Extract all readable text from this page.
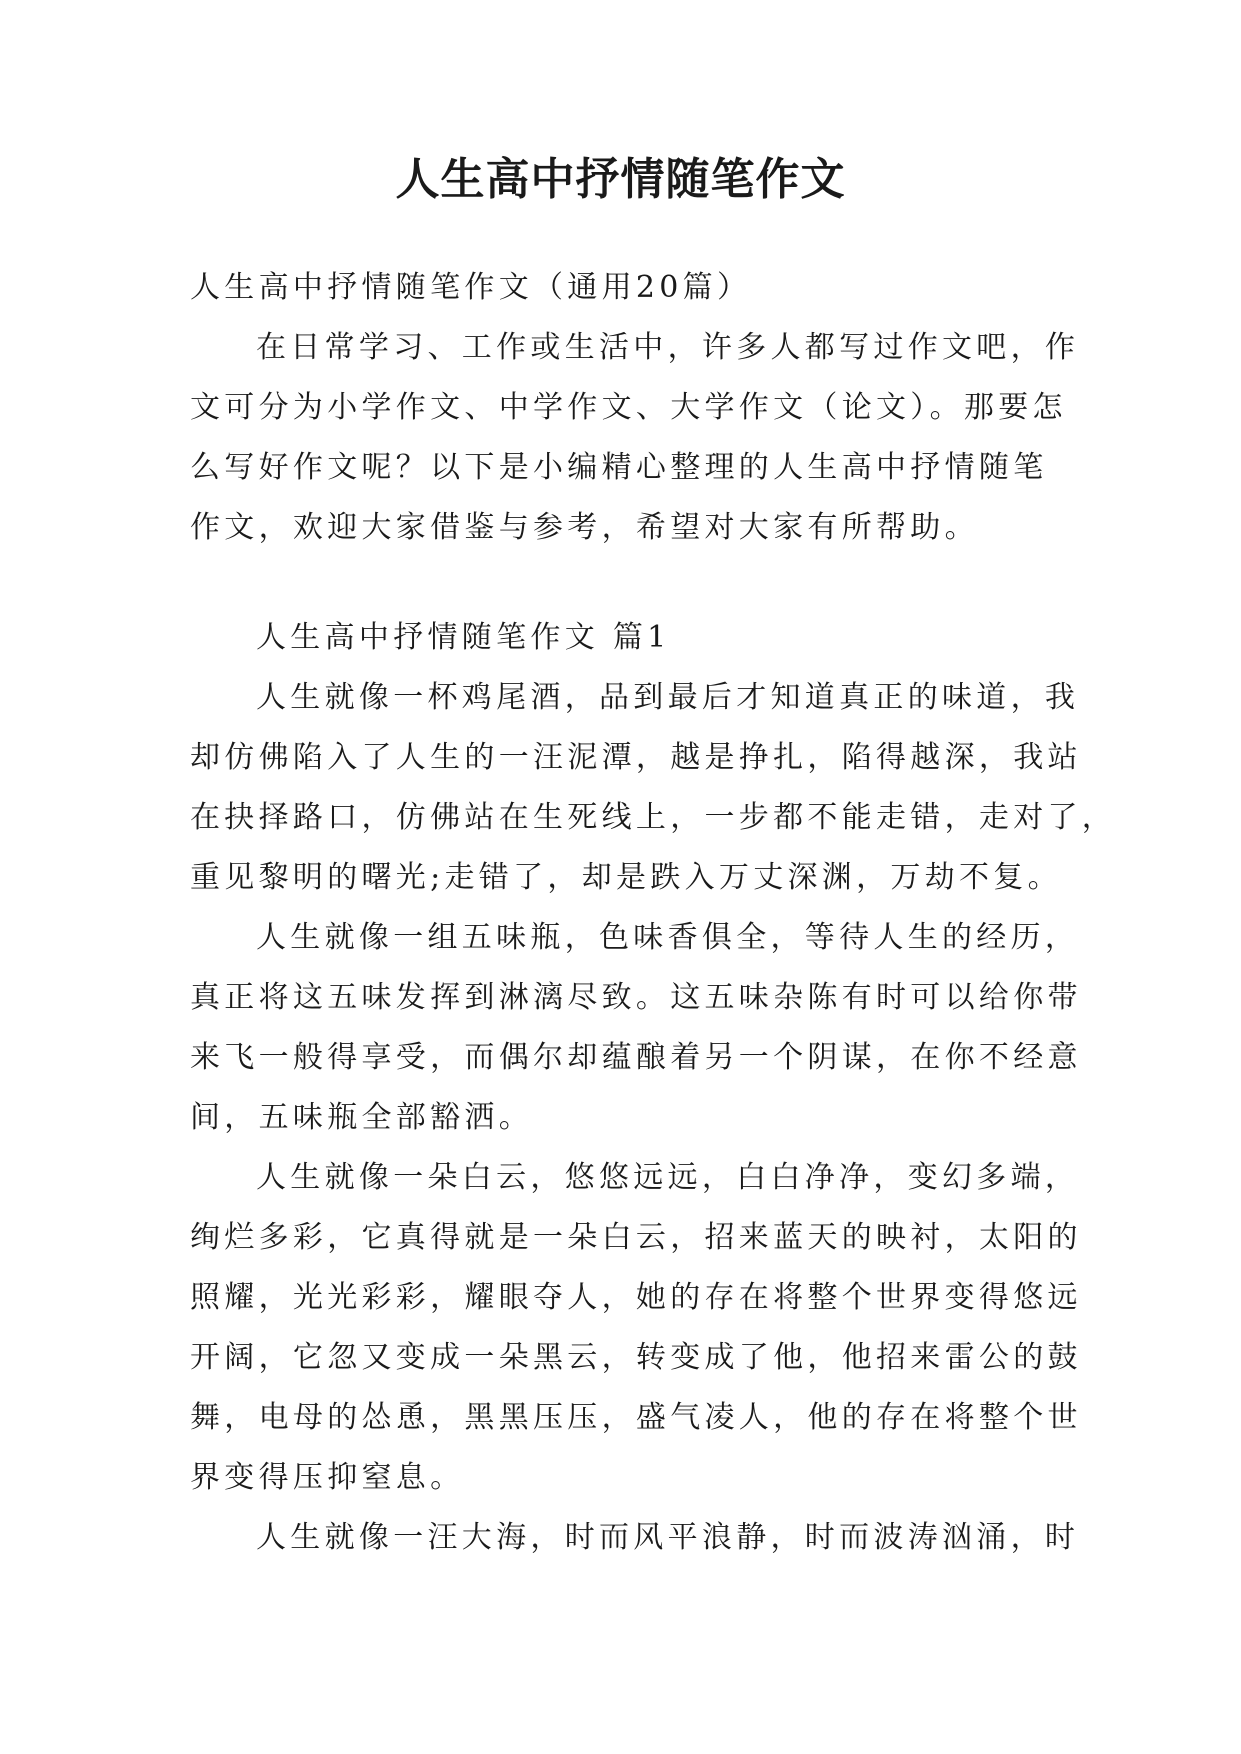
人生高中抒情随笔作文
人生高中抒情随笔作文（通用20篇）
在日常学习、工作或生活中，许多人都写过作文吧，作
文可分为小学作文、中学作文、大学作文（论文）。那要怎
么写好作文呢？以下是小编精心整理的人生高中抒情随笔
作文，欢迎大家借鉴与参考，希望对大家有所帮助。
人生高中抒情随笔作文 篇1
人生就像一杯鸡尾酒，品到最后才知道真正的味道，我
却仿佛陷入了人生的一汪泥潭，越是挣扎，陷得越深，我站
在抉择路口，仿佛站在生死线上，一步都不能走错，走对了，
重见黎明的曙光;走错了，却是跌入万丈深渊，万劫不复。
人生就像一组五味瓶，色味香俱全，等待人生的经历，
真正将这五味发挥到淋漓尽致。这五味杂陈有时可以给你带
来飞一般得享受，而偶尔却蕴酿着另一个阴谋，在你不经意
间，五味瓶全部豁洒。
人生就像一朵白云，悠悠远远，白白净净，变幻多端，
绚烂多彩，它真得就是一朵白云，招来蓝天的映衬，太阳的
照耀，光光彩彩，耀眼夺人，她的存在将整个世界变得悠远
开阔，它忽又变成一朵黑云，转变成了他，他招来雷公的鼓
舞，电母的怂恿，黑黑压压，盛气凌人，他的存在将整个世
界变得压抑窒息。
人生就像一汪大海，时而风平浪静，时而波涛汹涌，时
